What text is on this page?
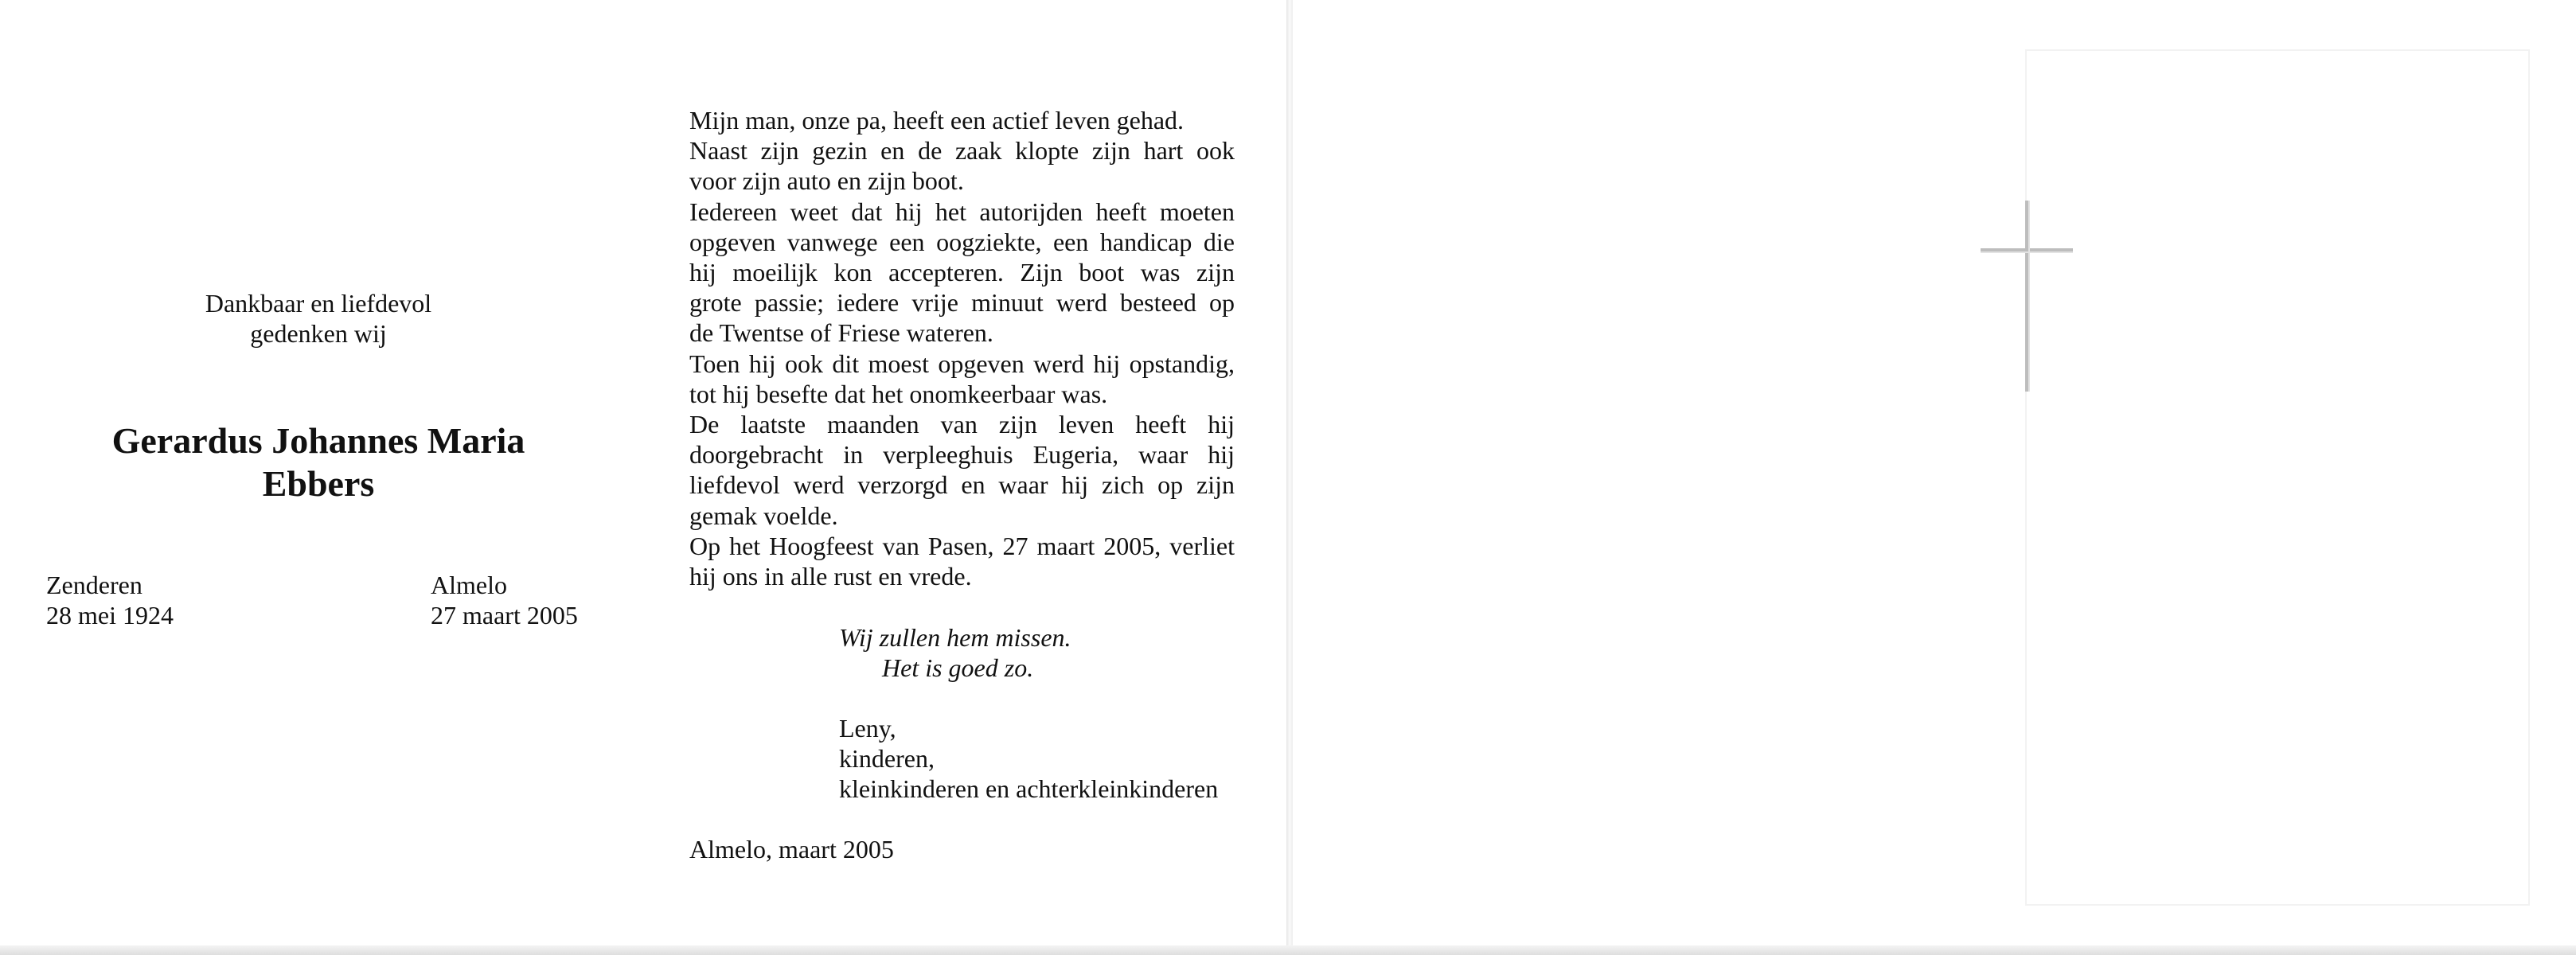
Dankbaar en liefdevol
gedenken wij
Gerardus Johannes Maria
Ebbers
Zenderen
28 mei 1924
Almelo
27 maart 2005
Mijn man, onze pa, heeft een actief leven gehad.
Naast zijn gezin en de zaak klopte zijn hart ook
voor zijn auto en zijn boot.
Iedereen weet dat hij het autorijden heeft moeten
opgeven vanwege een oogziekte, een handicap die
hij moeilijk kon accepteren. Zijn boot was zijn
grote passie; iedere vrije minuut werd besteed op
de Twentse of Friese wateren.
Toen hij ook dit moest opgeven werd hij opstandig,
tot hij besefte dat het onomkeerbaar was.
De laatste maanden van zijn leven heeft hij
doorgebracht in verpleeghuis Eugeria, waar hij
liefdevol werd verzorgd en waar hij zich op zijn
gemak voelde.
Op het Hoogfeest van Pasen, 27 maart 2005, verliet
hij ons in alle rust en vrede.
Wij zullen hem missen.
Het is goed zo.
Leny,
kinderen,
kleinkinderen en achterkleinkinderen
Almelo, maart 2005
